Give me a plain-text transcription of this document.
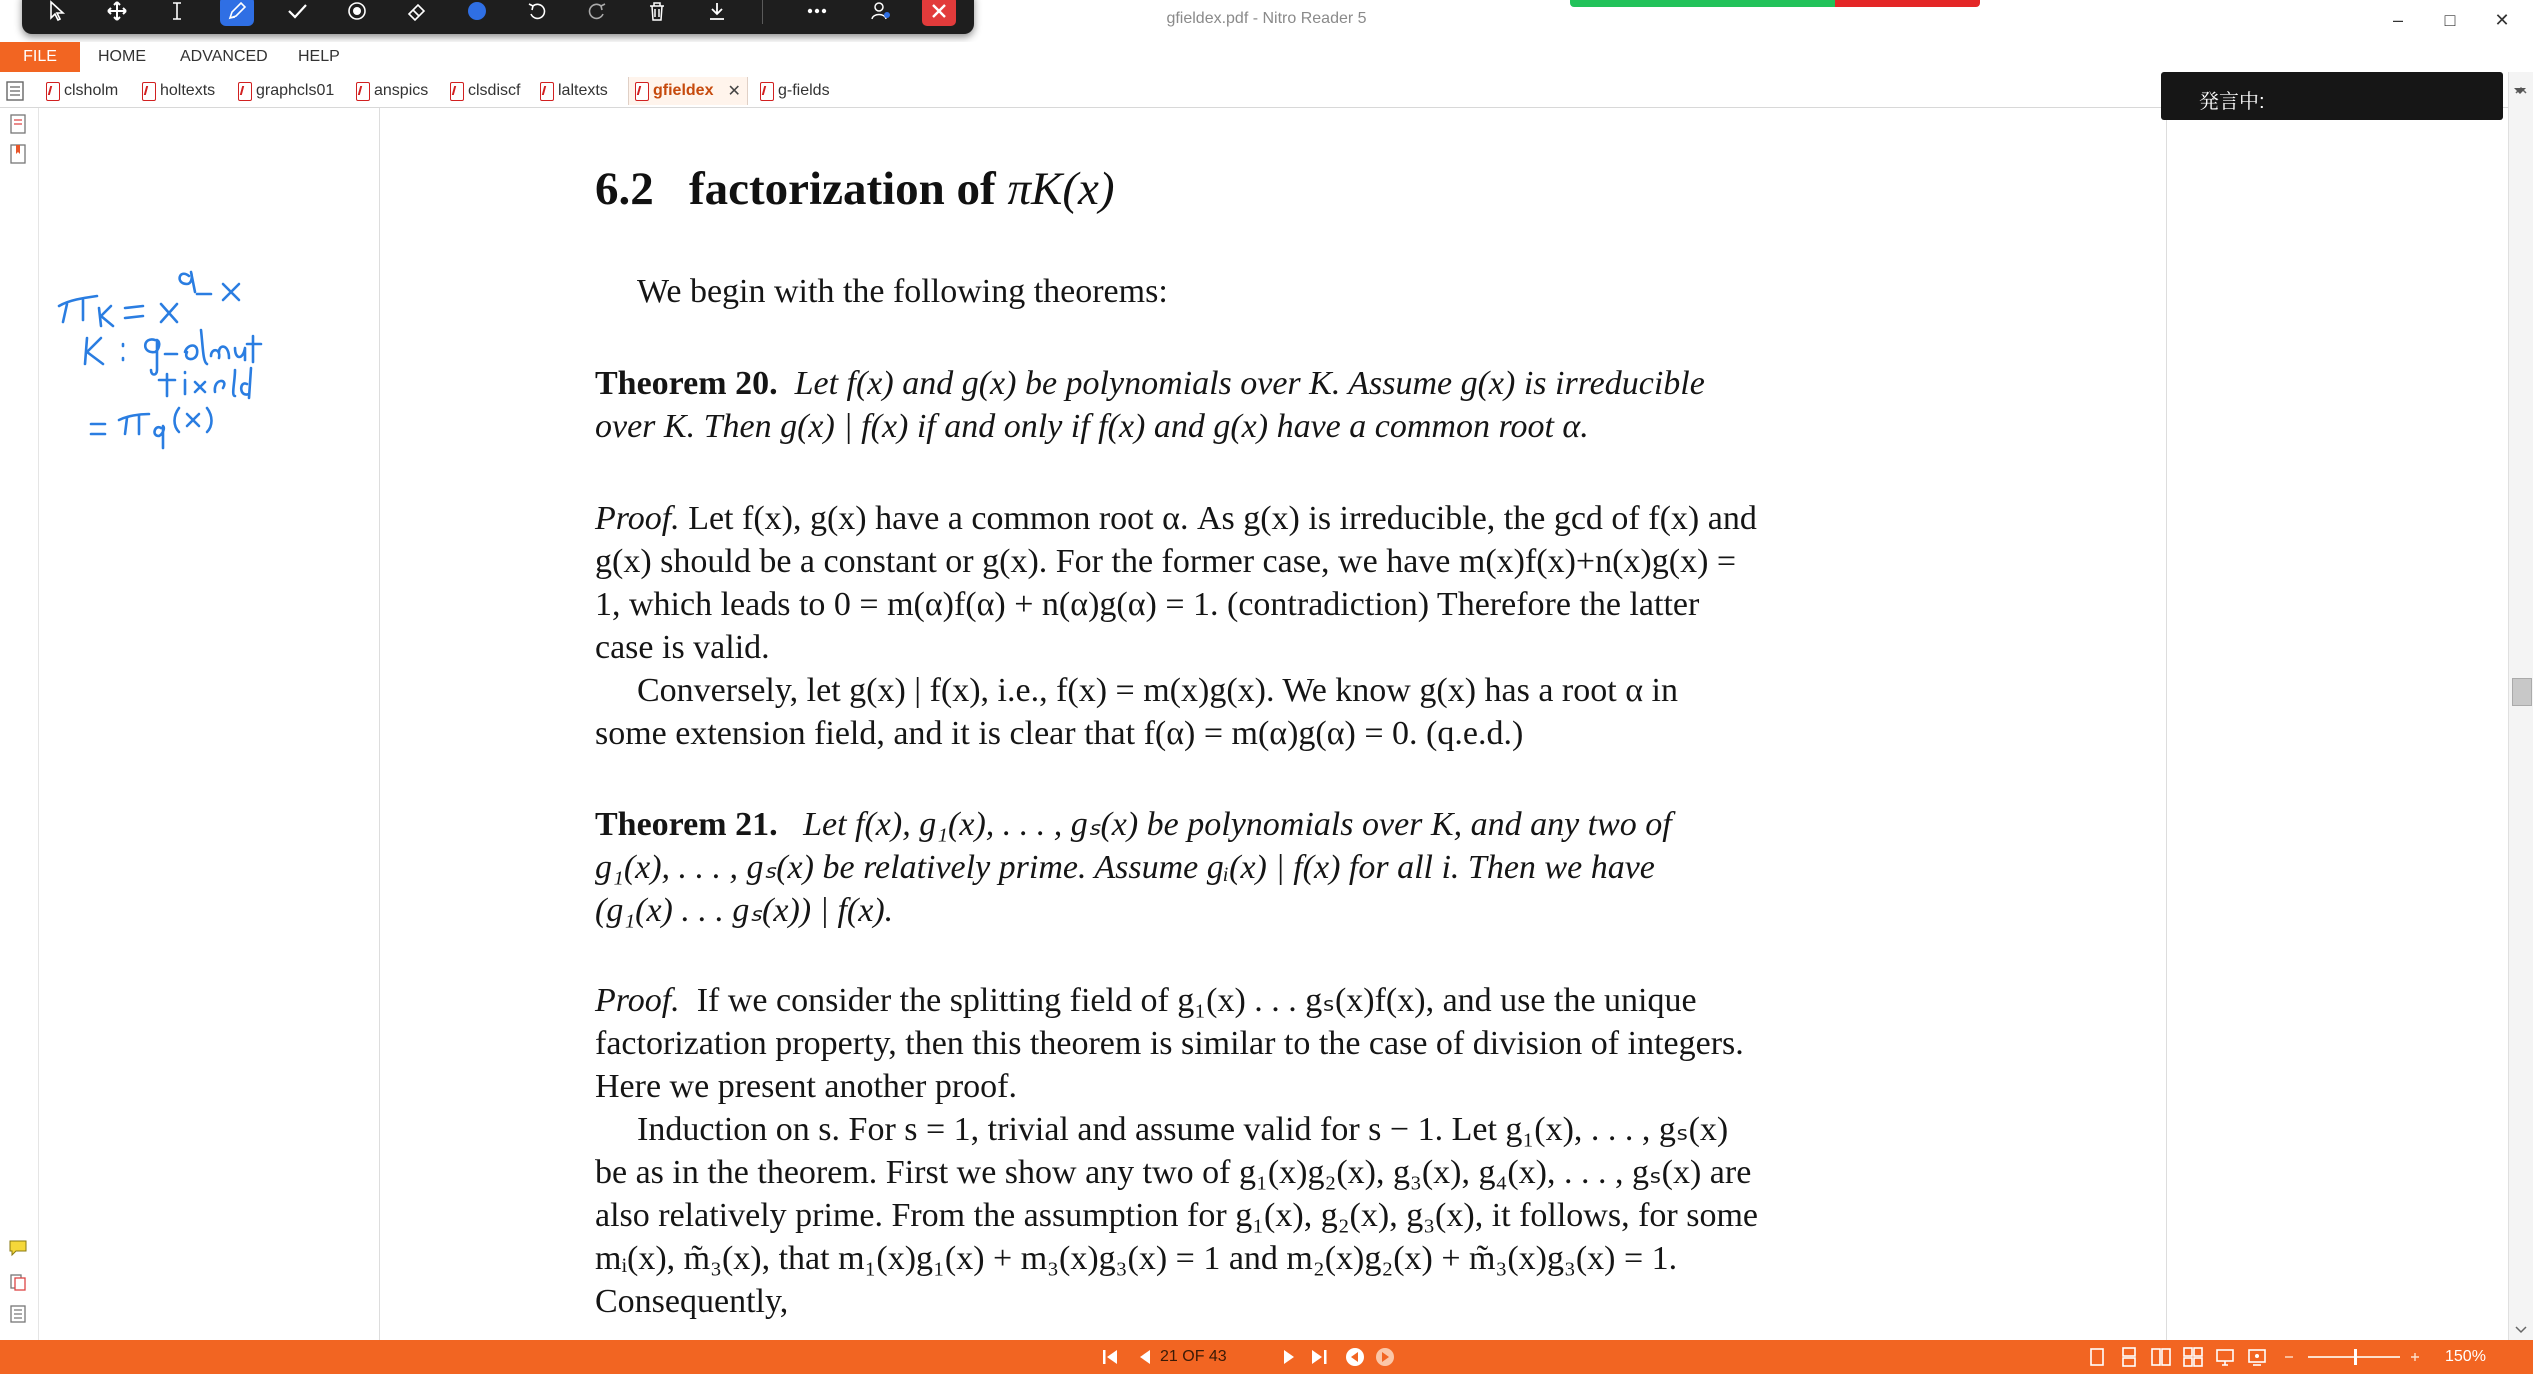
gfieldex.pdf - Nitro Reader 5	–	□	✕
FILE	HOME ADVANCED HELP
clsholm	holtexts	graphcls01 anspics clsdiscf laltexts	gfieldex ✕ g-fields
6.2 factorization of πK(x)
We begin with the following theorems:
Theorem 20. Let f(x) and g(x) be polynomials over K. Assume g(x) is irreducible
over K. Then g(x) | f(x) if and only if f(x) and g(x) have a common root α.
Proof. Let f(x), g(x) have a common root α. As g(x) is irreducible, the gcd of f(x) and
g(x) should be a constant or g(x). For the former case, we have m(x)f(x)+n(x)g(x) =
1, which leads to 0 = m(α)f(α) + n(α)g(α) = 1. (contradiction) Therefore the latter
case is valid.
Conversely, let g(x) | f(x), i.e., f(x) = m(x)g(x). We know g(x) has a root α in
some extension field, and it is clear that f(α) = m(α)g(α) = 0. (q.e.d.)
Theorem 21. Let f(x), g₁(x), . . . , gₛ(x) be polynomials over K, and any two of
g₁(x), . . . , gₛ(x) be relatively prime. Assume gᵢ(x) | f(x) for all i. Then we have
(g₁(x) . . . gₛ(x)) | f(x).
Proof. If we consider the splitting field of g₁(x) . . . gₛ(x)f(x), and use the unique
factorization property, then this theorem is similar to the case of division of integers.
Here we present another proof.
Induction on s. For s = 1, trivial and assume valid for s − 1. Let g₁(x), . . . , gₛ(x)
be as in the theorem. First we show any two of g₁(x)g₂(x), g₃(x), g₄(x), . . . , gₛ(x) are
also relatively prime. From the assumption for g₁(x), g₂(x), g₃(x), it follows, for some
mᵢ(x), m̃₃(x), that m₁(x)g₁(x) + m₃(x)g₃(x) = 1 and m₂(x)g₂(x) + m̃₃(x)g₃(x) = 1.
Consequently,
発言中:
21 OF 43	150%
